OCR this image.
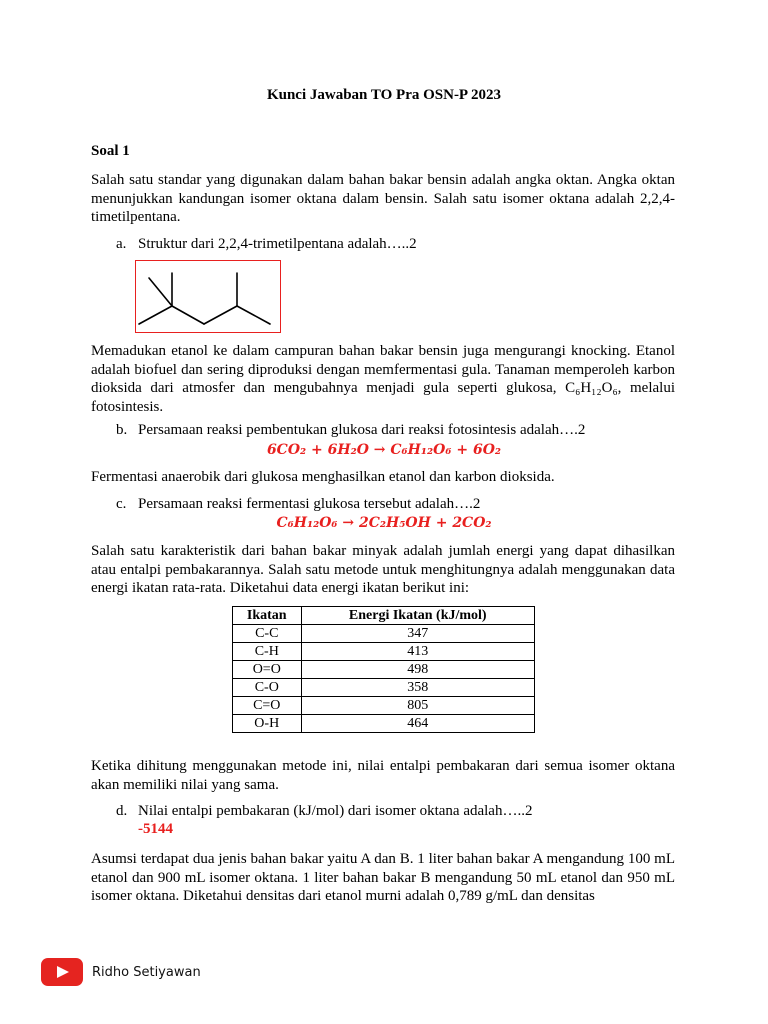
Kunci Jawaban TO Pra OSN-P 2023
Soal 1
Salah satu standar yang digunakan dalam bahan bakar bensin adalah angka oktan. Angka oktan menunjukkan kandungan isomer oktana dalam bensin. Salah satu isomer oktana adalah 2,2,4-timetilpentana.
a. Struktur dari 2,2,4-trimetilpentana adalah…..2
Memadukan etanol ke dalam campuran bahan bakar bensin juga mengurangi knocking. Etanol adalah biofuel dan sering diproduksi dengan memfermentasi gula. Tanaman memperoleh karbon dioksida dari atmosfer dan mengubahnya menjadi gula seperti glukosa, C₆H₁₂O₆, melalui fotosintesis.
b. Persamaan reaksi pembentukan glukosa dari reaksi fotosintesis adalah….2
6CO₂ + 6H₂O → C₆H₁₂O₆ + 6O₂
Fermentasi anaerobik dari glukosa menghasilkan etanol dan karbon dioksida.
c. Persamaan reaksi fermentasi glukosa tersebut adalah….2
C₆H₁₂O₆ → 2C₂H₅OH + 2CO₂
Salah satu karakteristik dari bahan bakar minyak adalah jumlah energi yang dapat dihasilkan atau entalpi pembakarannya. Salah satu metode untuk menghitungnya adalah menggunakan data energi ikatan rata-rata. Diketahui data energi ikatan berikut ini:
Ikatan	Energi Ikatan (kJ/mol)
C-C	347
C-H	413
O=O	498
C-O	358
C=O	805
O-H	464
Ketika dihitung menggunakan metode ini, nilai entalpi pembakaran dari semua isomer oktana akan memiliki nilai yang sama.
d. Nilai entalpi pembakaran (kJ/mol) dari isomer oktana adalah…..2
-5144
Asumsi terdapat dua jenis bahan bakar yaitu A dan B. 1 liter bahan bakar A mengandung 100 mL etanol dan 900 mL isomer oktana. 1 liter bahan bakar B mengandung 50 mL etanol dan 950 mL isomer oktana. Diketahui densitas dari etanol murni adalah 0,789 g/mL dan densitas
Ridho Setiyawan
